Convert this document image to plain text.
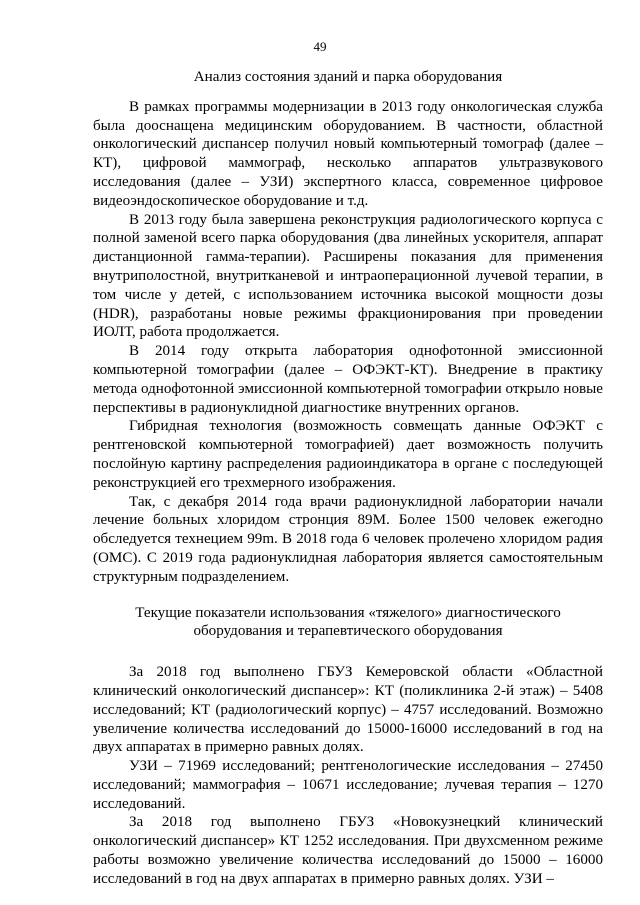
49

Анализ состояния зданий и парка оборудования

В рамках программы модернизации в 2013 году онкологическая служба была дооснащена медицинским оборудованием. В частности, областной онкологический диспансер получил новый компьютерный томограф (далее – КТ), цифровой маммограф, несколько аппаратов ультразвукового исследования (далее – УЗИ) экспертного класса, современное цифровое видеоэндоскопическое оборудование и т.д.

В 2013 году была завершена реконструкция радиологического корпуса с полной заменой всего парка оборудования (два линейных ускорителя, аппарат дистанционной гамма-терапии). Расширены показания для применения внутриполостной, внутритканевой и интраоперационной лучевой терапии, в том числе у детей, с использованием источника высокой мощности дозы (HDR), разработаны новые режимы фракционирования при проведении ИОЛТ, работа продолжается.

В 2014 году открыта лаборатория однофотонной эмиссионной компьютерной томографии (далее – ОФЭКТ-КТ). Внедрение в практику метода однофотонной эмиссионной компьютерной томографии открыло новые перспективы в радионуклидной диагностике внутренних органов.

Гибридная технология (возможность совмещать данные ОФЭКТ с рентгеновской компьютерной томографией) дает возможность получить послойную картину распределения радиоиндикатора в органе с последующей реконструкцией его трехмерного изображения.

Так, с декабря 2014 года врачи радионуклидной лаборатории начали лечение больных хлоридом стронция 89М. Более 1500 человек ежегодно обследуется технецием 99m. В 2018 года 6 человек пролечено хлоридом радия (ОМС). С 2019 года радионуклидная лаборатория является самостоятельным структурным подразделением.

Текущие показатели использования «тяжелого» диагностического
оборудования и терапевтического оборудования

За 2018 год выполнено ГБУЗ Кемеровской области «Областной клинический онкологический диспансер»: КТ (поликлиника 2-й этаж) – 5408 исследований; КТ (радиологический корпус) – 4757 исследований. Возможно увеличение количества исследований до 15000-16000 исследований в год на двух аппаратах в примерно равных долях.

УЗИ – 71969 исследований; рентгенологические исследования – 27450 исследований; маммография – 10671 исследование; лучевая терапия – 1270 исследований.

За 2018 год выполнено ГБУЗ «Новокузнецкий клинический онкологический диспансер» КТ 1252 исследования. При двухсменном режиме работы возможно увеличение количества исследований до 15000 – 16000 исследований в год на двух аппаратах в примерно равных долях. УЗИ –
